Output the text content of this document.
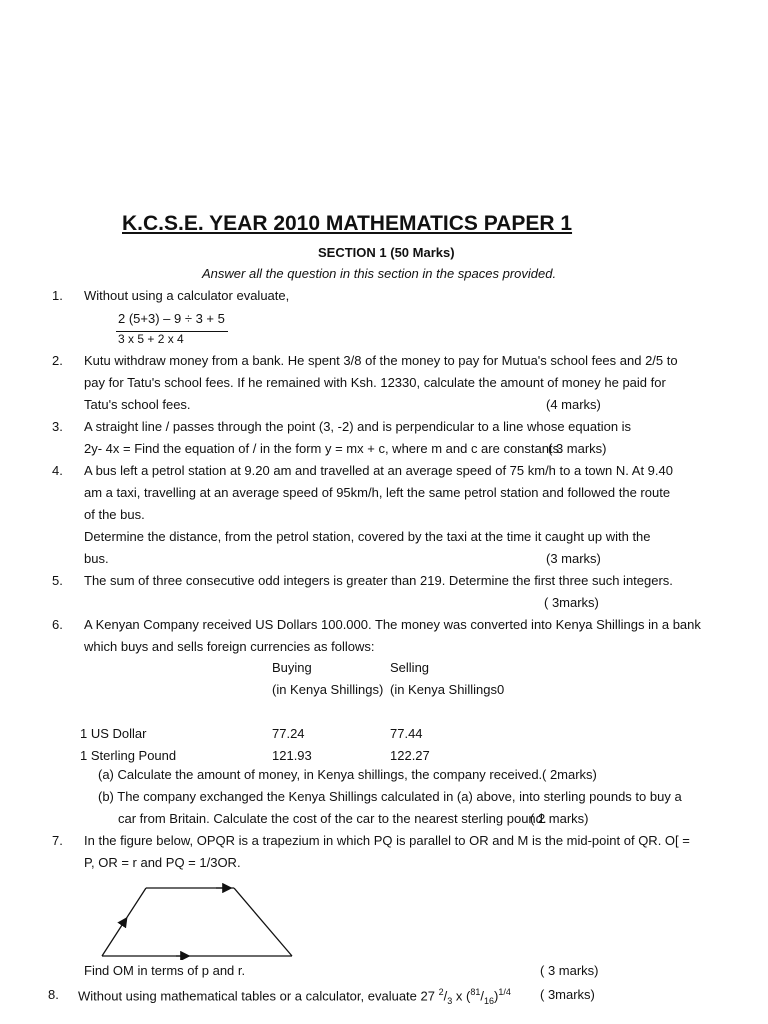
K.C.S.E. YEAR 2010 MATHEMATICS PAPER 1
SECTION 1 (50 Marks)
Answer all the question in this section in the spaces provided.
1. Without using a calculator evaluate,
2 (5+3) – 9 ÷ 3 + 5
3 x 5 + 2 x 4
2. Kutu withdraw money from a bank. He spent 3/8 of the money to pay for Mutua's school fees and 2/5 to
pay for Tatu's school fees. If he remained with Ksh. 12330, calculate the amount of money he paid for
Tatu's school fees.	(4 marks)
3. A straight line / passes through the point (3, -2) and is perpendicular to a line whose equation is
2y- 4x = Find the equation of / in the form y = mx + c, where m and c are constants.
( 3 marks)
4. A bus left a petrol station at 9.20 am and travelled at an average speed of 75 km/h to a town N. At 9.40
am a taxi, travelling at an average speed of 95km/h, left the same petrol station and followed the route
of the bus.
Determine the distance, from the petrol station, covered by the taxi at the time it caught up with the
bus.	(3 marks)
5. The sum of three consecutive odd integers is greater than 219. Determine the first three such integers.
( 3marks)
6. A Kenyan Company received US Dollars 100.000. The money was converted into Kenya Shillings in a bank
which buys and sells foreign currencies as follows:
	Buying	Selling
	(in Kenya Shillings)	(in Kenya Shillings0

1 US Dollar	77.24	77.44
1 Sterling Pound	121.93	122.27
(a) Calculate the amount of money, in Kenya shillings, the company received. ( 2marks)
(b) The company exchanged the Kenya Shillings calculated in (a) above, into sterling pounds to buy a
car from Britain. Calculate the cost of the car to the nearest sterling pound.
( 2 marks)
7. In the figure below, OPQR is a trapezium in which PQ is parallel to OR and M is the mid-point of QR. O[ =
P, OR = r and PQ = 1/3OR.
Find OM in terms of p and r.	( 3 marks)
8. Without using mathematical tables or a calculator, evaluate 27 $^2/_3$ x $(^{81}/_{16})^{1/4}$ ( 3marks)
